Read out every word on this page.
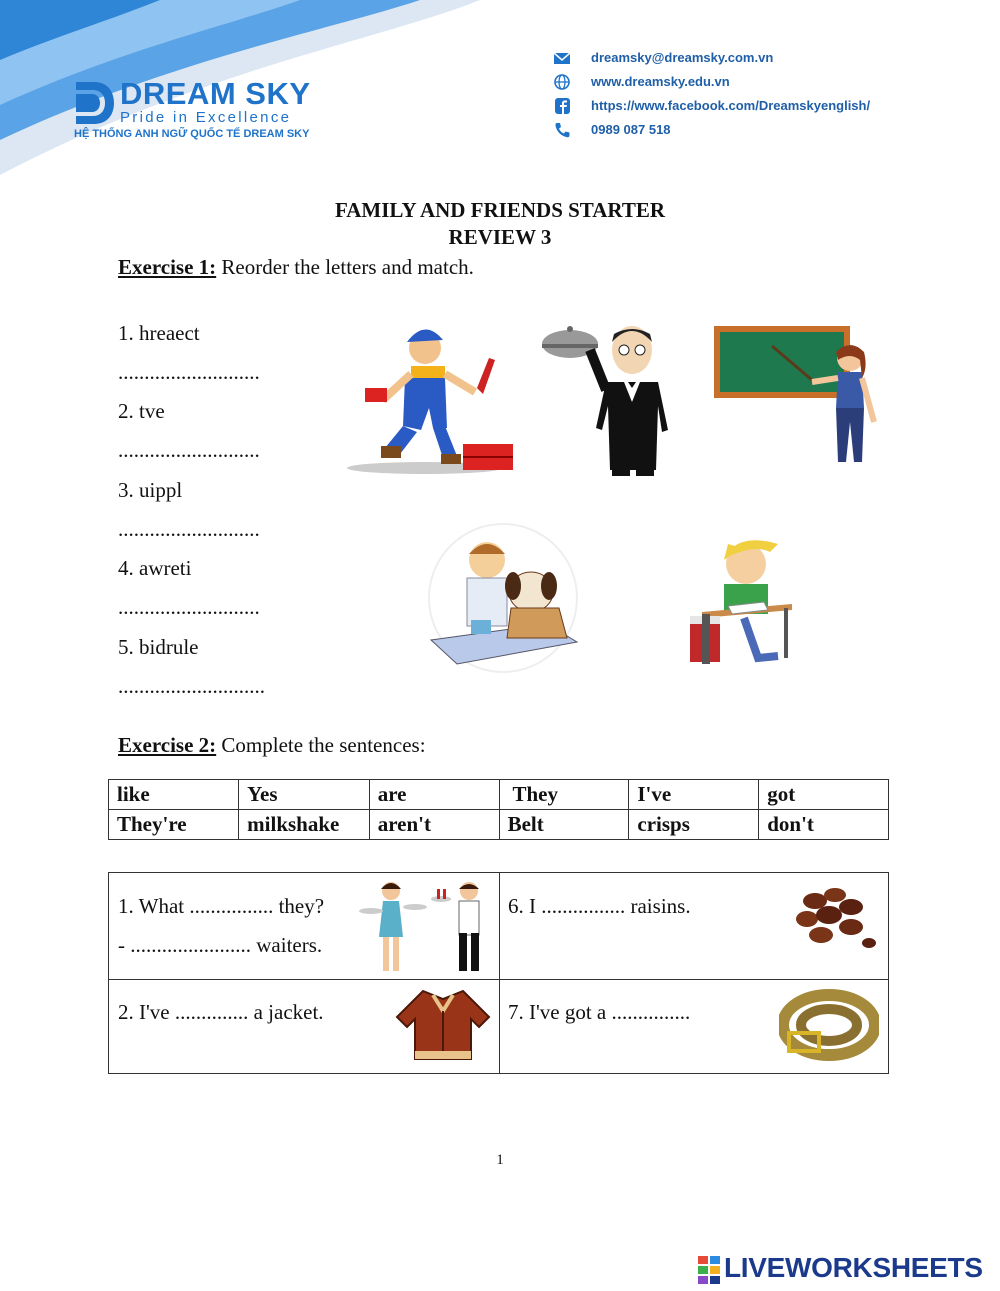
DREAM SKY
Pride in Excellence
HỆ THỐNG ANH NGỮ QUỐC TẾ DREAM SKY
dreamsky@dreamsky.com.vn
www.dreamsky.edu.vn
https://www.facebook.com/Dreamskyenglish/
0989 087 518
FAMILY AND FRIENDS STARTER
REVIEW 3
Exercise 1: Reorder the letters and match.
1. hreaect
...........................
2. tve
...........................
3. uippl
...........................
4. awreti
...........................
5. bidrule
............................
Exercise 2: Complete the sentences:
like	Yes	are	They	I've	got
They're	milkshake	aren't	Belt	crisps	don't
1. What ................ they?
- ....................... waiters.
2. I've .............. a jacket.
6. I ................ raisins.
7. I've got a ...............
1
LIVEWORKSHEETS
